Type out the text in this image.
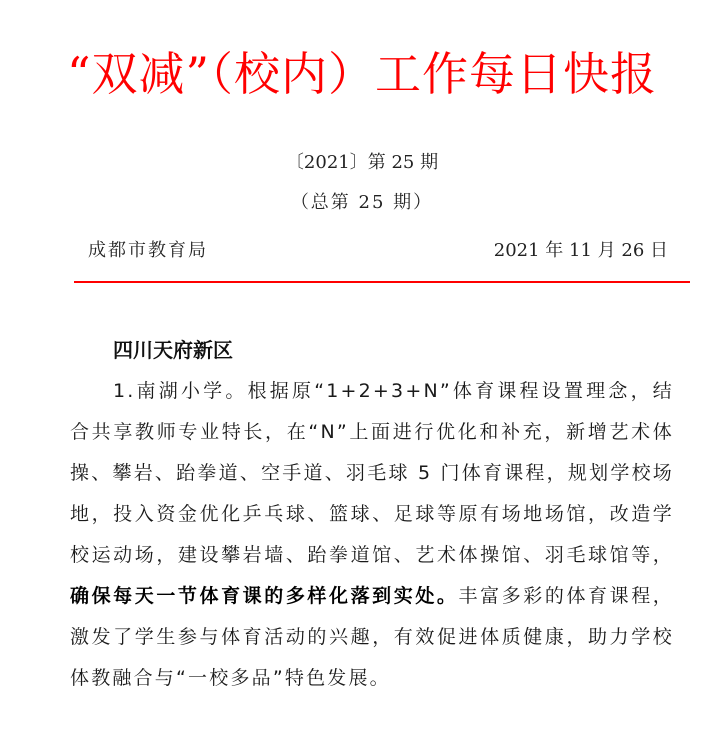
“双减”（校内）工作每日快报
〔2021〕第 25 期
（总第 25 期）
成都市教育局	2021 年 11 月 26 日

四川天府新区

1.南湖小学。根据原“1+2+3+N”体育课程设置理念，结合共享教师专业特长，在“N”上面进行优化和补充，新增艺术体操、攀岩、跆拳道、空手道、羽毛球 5 门体育课程，规划学校场地，投入资金优化乒乓球、篮球、足球等原有场地场馆，改造学校运动场，建设攀岩墙、跆拳道馆、艺术体操馆、羽毛球馆等，确保每天一节体育课的多样化落到实处。丰富多彩的体育课程，激发了学生参与体育活动的兴趣，有效促进体质健康，助力学校体教融合与“一校多品”特色发展。
